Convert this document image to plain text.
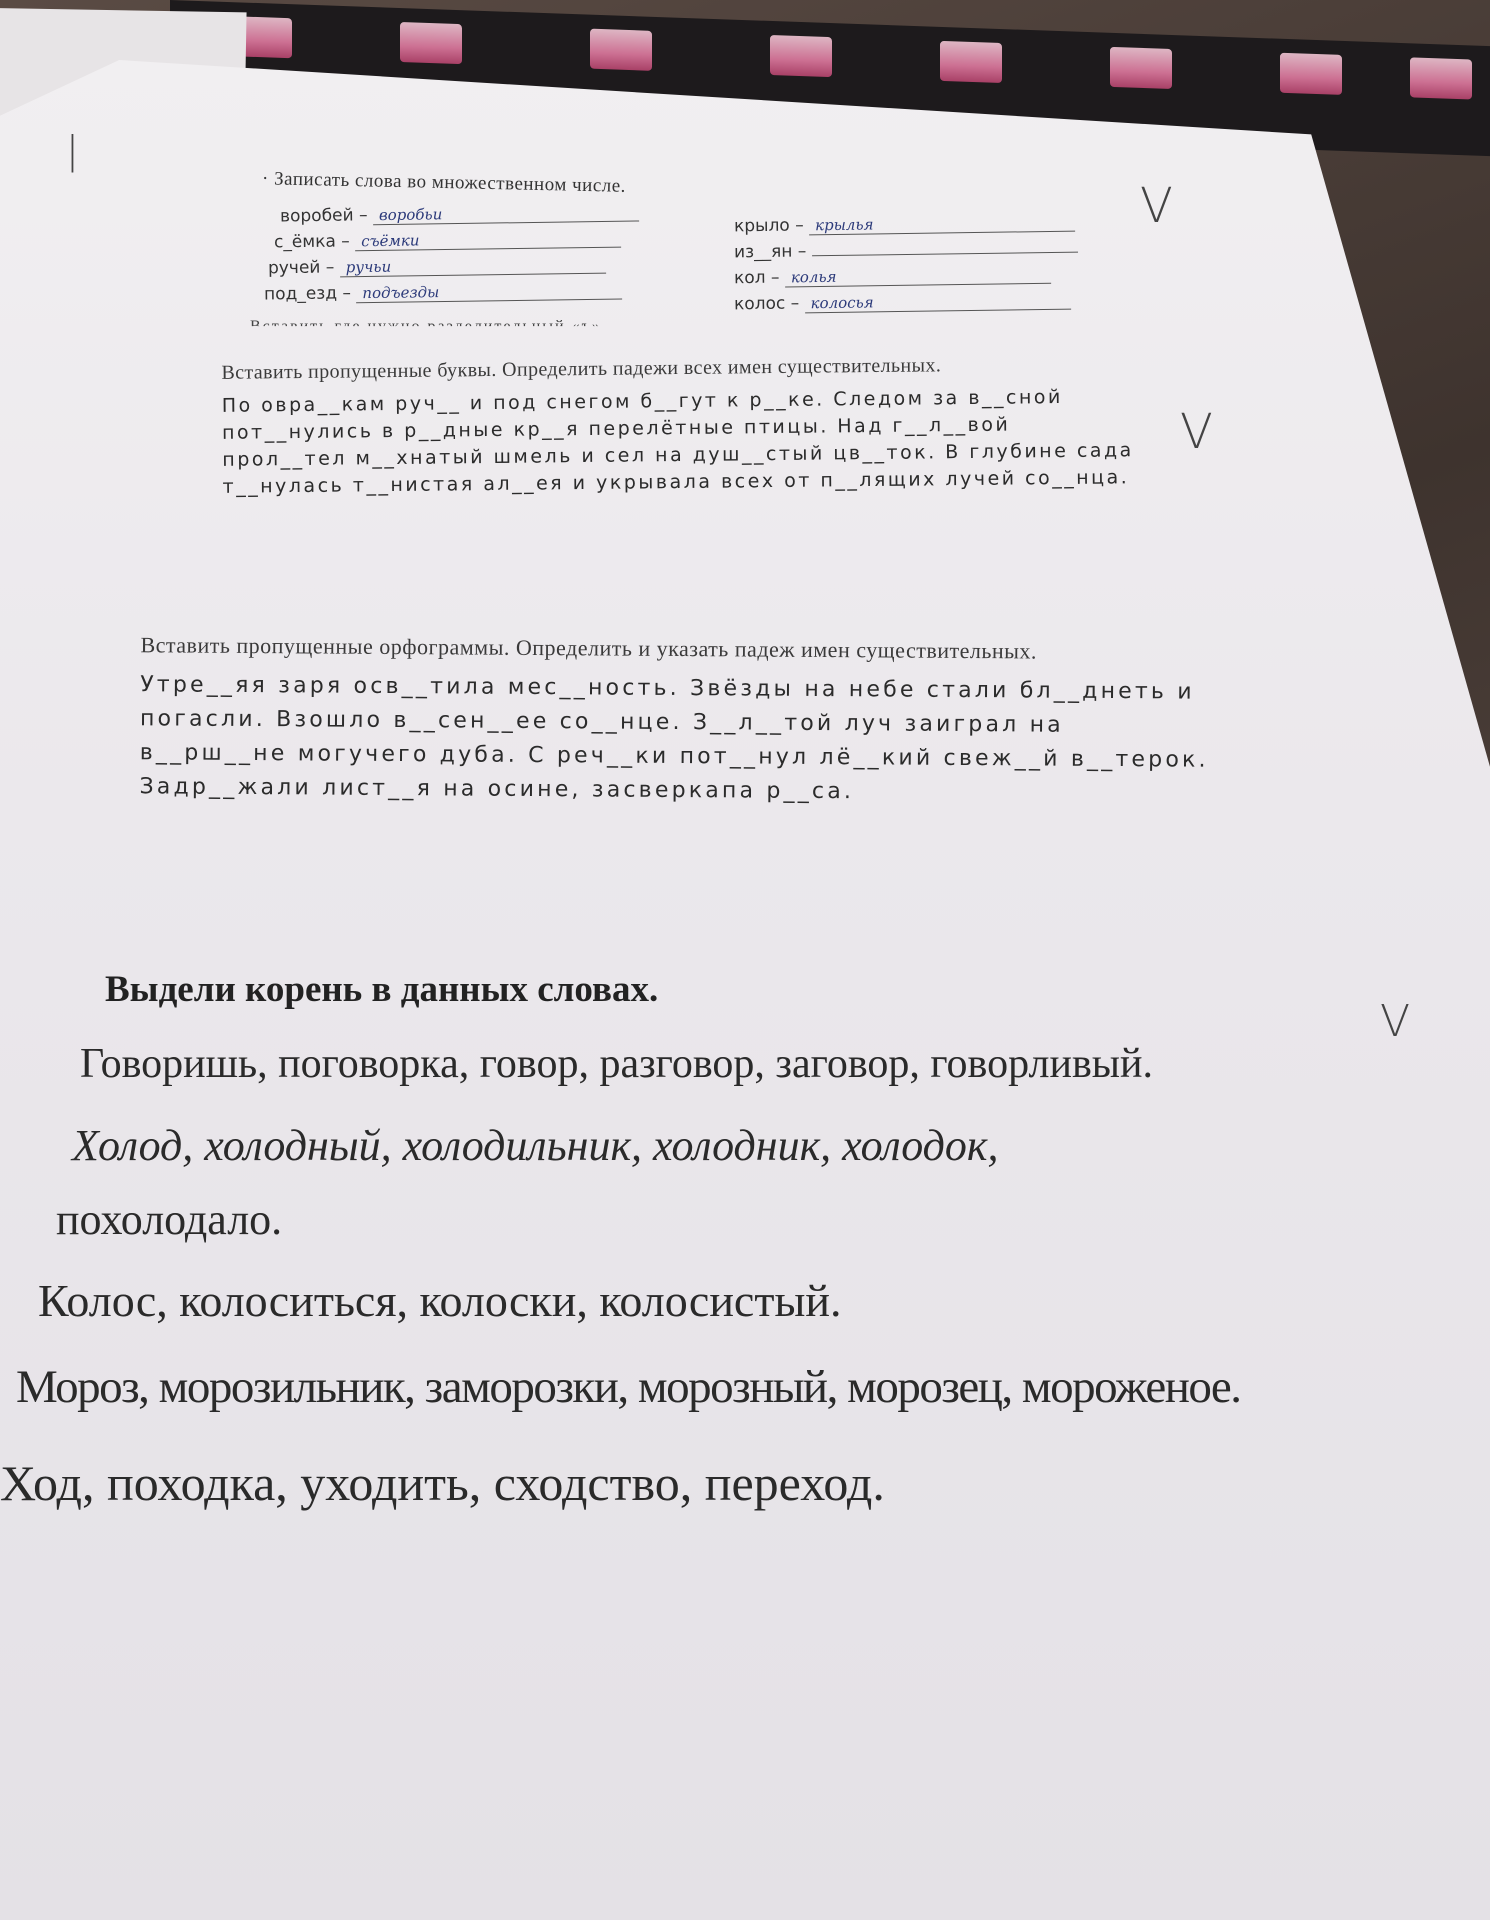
|
· Записать слова во множественном числе.
воробей – воробьи
с_ёмка – съёмки
ручей – ручьи
под_езд – подъезды
крыло – крылья
из__ян –
кол – колья
колос – колосья
V
Вставить пропущенные буквы. Определить падежи всех имен существительных.
По овра__кам руч__ и под снегом б__гут к р__ке. Следом за в__сной пот__нулись в р__дные кр__я перелётные птицы. Над г__л__вой прол__тел м__хнатый шмель и сел на душ__стый цв__ток. В глубине сада т__нулась т__нистая ал__ея и укрывала всех от п__лящих лучей со__нца.
V
Вставить пропущенные орфограммы. Определить и указать падеж имен существительных.
Утре__яя заря осв__тила мес__ность. Звёзды на небе стали бл__днеть и погасли. Взошло в__сен__ее со__нце. З__л__той луч заиграл на в__рш__не могучего дуба. С реч__ки пот__нул лё__кий свеж__й в__терок. Задр__жали лист__я на осине, засверкапа р__са.
Выдели корень в данных словах.
V
Говоришь, поговорка, говор, разговор, заговор, говорливый.
Холод, холодный, холодильник, холодник, холодок,
похолодало.
Колос, колоситься, колоски, колосистый.
Мороз, морозильник, заморозки, морозный, морозец, мороженое.
Ход, походка, уходить, сходство, переход.
